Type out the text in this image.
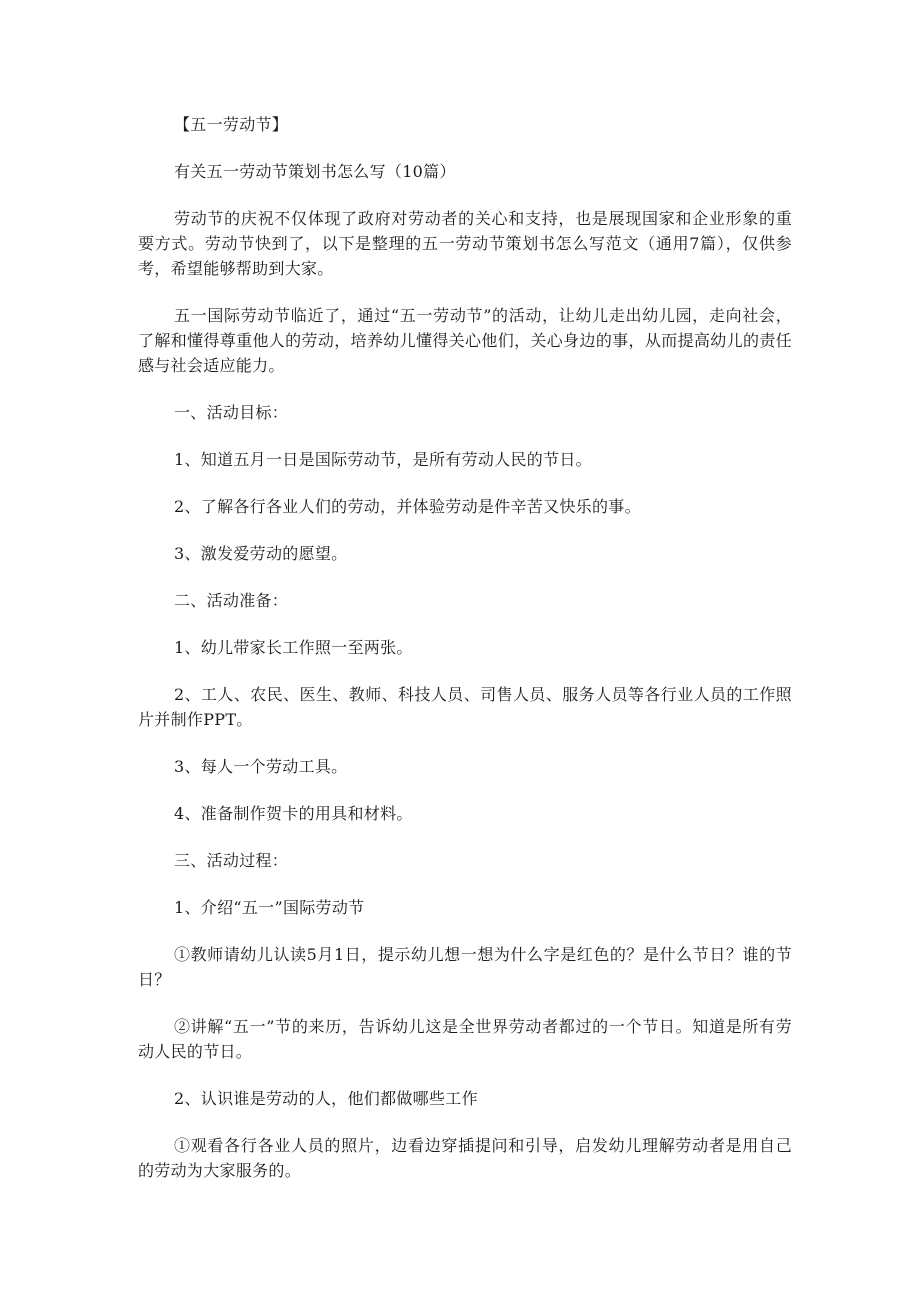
【五一劳动节】

有关五一劳动节策划书怎么写（10篇）

劳动节的庆祝不仅体现了政府对劳动者的关心和支持，也是展现国家和企业形象的重要方式。劳动节快到了，以下是整理的五一劳动节策划书怎么写范文（通用7篇），仅供参考，希望能够帮助到大家。

五一国际劳动节临近了，通过“五一劳动节”的活动，让幼儿走出幼儿园，走向社会，了解和懂得尊重他人的劳动，培养幼儿懂得关心他们，关心身边的事，从而提高幼儿的责任感与社会适应能力。

一、活动目标：

1、知道五月一日是国际劳动节，是所有劳动人民的节日。

2、了解各行各业人们的劳动，并体验劳动是件辛苦又快乐的事。

3、激发爱劳动的愿望。

二、活动准备：

1、幼儿带家长工作照一至两张。

2、工人、农民、医生、教师、科技人员、司售人员、服务人员等各行业人员的工作照片并制作PPT。

3、每人一个劳动工具。

4、准备制作贺卡的用具和材料。

三、活动过程：

1、介绍“五一”国际劳动节

①教师请幼儿认读5月1日，提示幼儿想一想为什么字是红色的？是什么节日？谁的节日？

②讲解“五一”节的来历，告诉幼儿这是全世界劳动者都过的一个节日。知道是所有劳动人民的节日。

2、认识谁是劳动的人，他们都做哪些工作

①观看各行各业人员的照片，边看边穿插提问和引导，启发幼儿理解劳动者是用自己的劳动为大家服务的。
